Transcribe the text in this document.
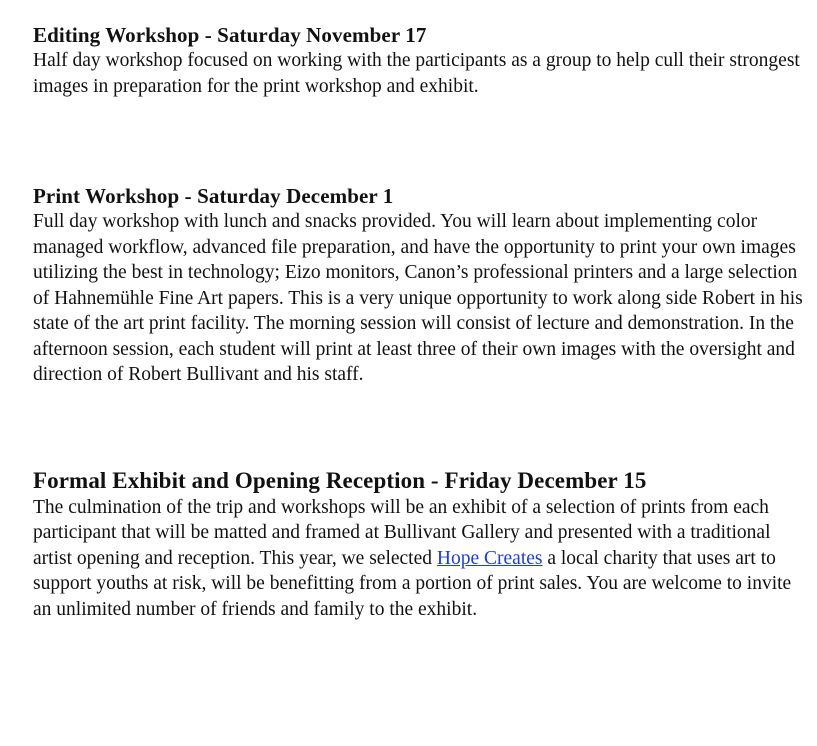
Editing Workshop - Saturday November 17

Half day workshop focused on working with the participants as a group to help cull their strongest images in preparation for the print workshop and exhibit.

Print Workshop - Saturday December 1

Full day workshop with lunch and snacks provided. You will learn about implementing color managed workflow, advanced file preparation, and have the opportunity to print your own images utilizing the best in technology; Eizo monitors, Canon’s professional printers and a large selection of Hahnemühle Fine Art papers. This is a very unique opportunity to work along side Robert in his state of the art print facility. The morning session will consist of lecture and demonstration. In the afternoon session, each student will print at least three of their own images with the oversight and direction of Robert Bullivant and his staff.

Formal Exhibit and Opening Reception - Friday December 15

The culmination of the trip and workshops will be an exhibit of a selection of prints from each participant that will be matted and framed at Bullivant Gallery and presented with a traditional artist opening and reception. This year, we selected Hope Creates a local charity that uses art to support youths at risk, will be benefitting from a portion of print sales. You are welcome to invite an unlimited number of friends and family to the exhibit.
